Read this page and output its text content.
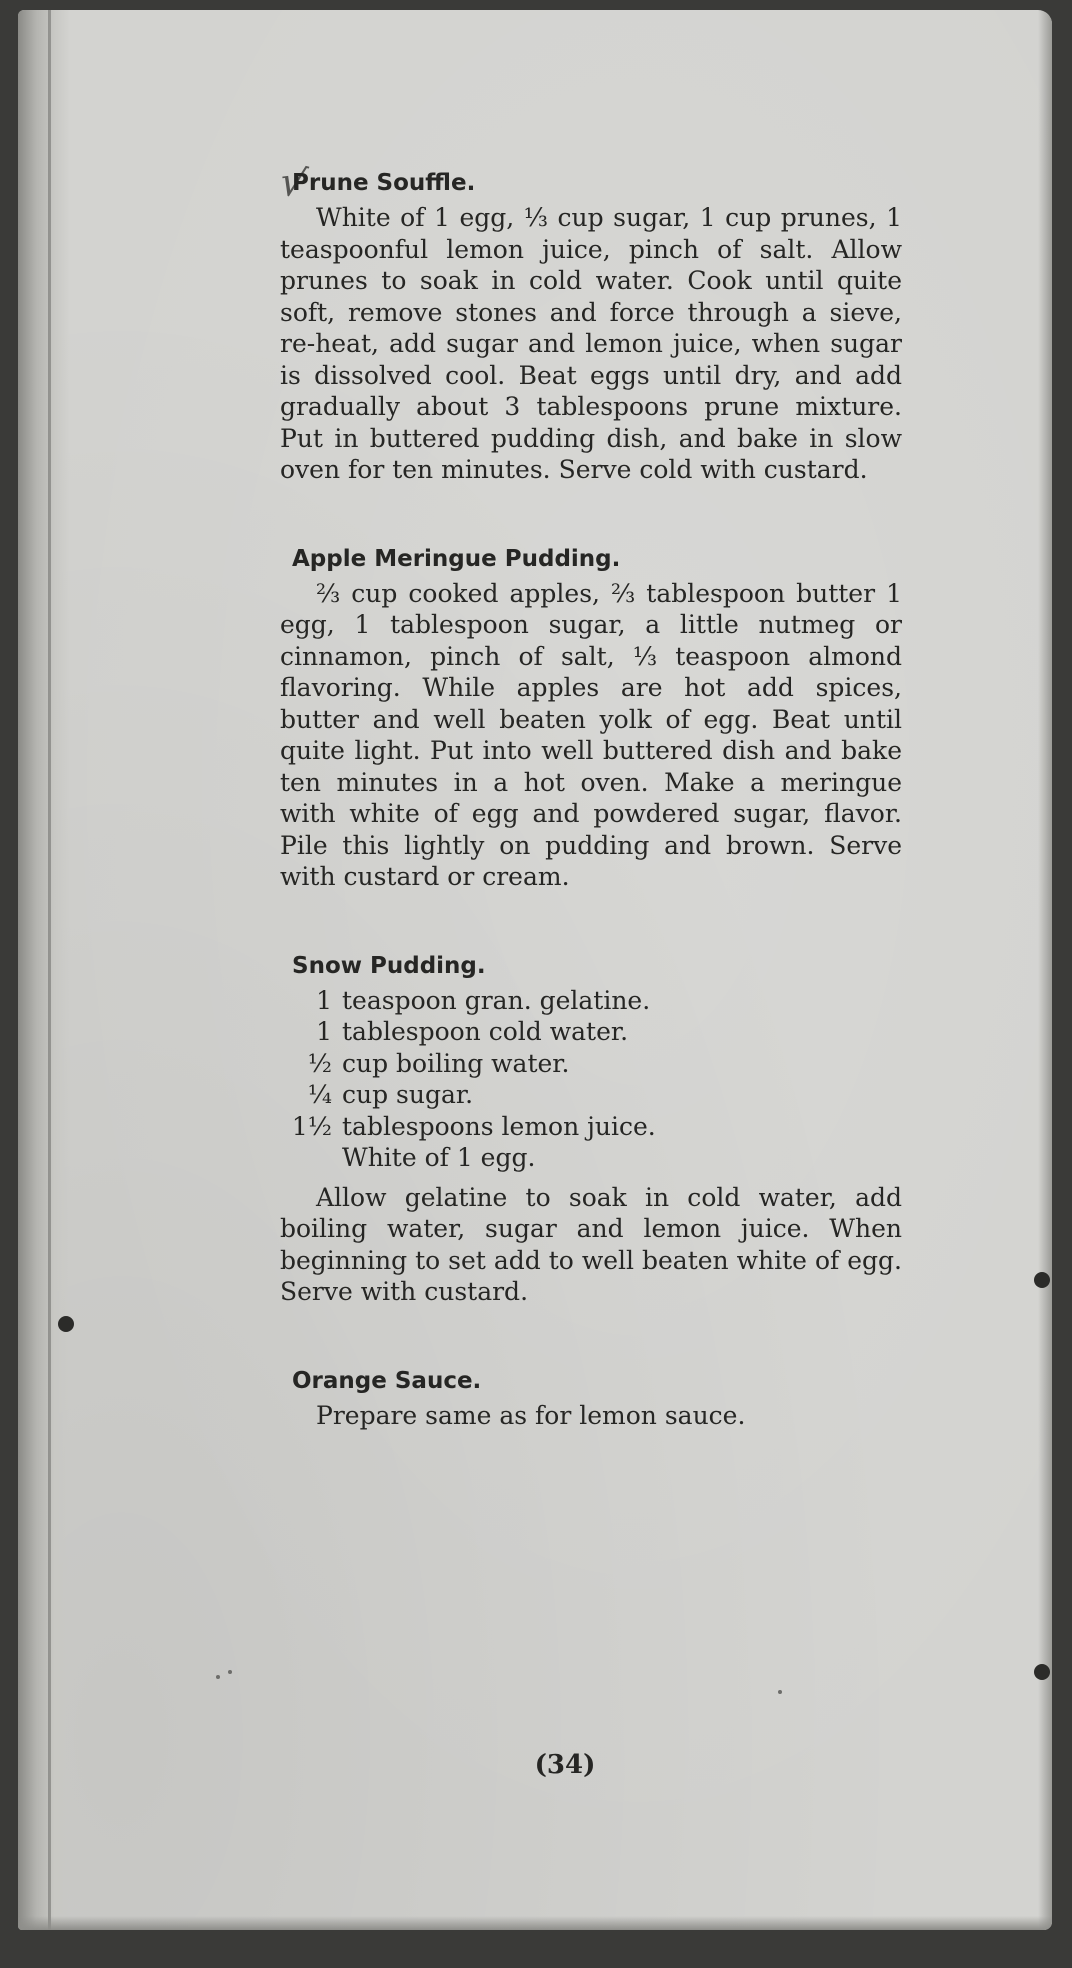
√
Prune Souffle.

White of 1 egg, ⅓ cup sugar, 1 cup prunes, 1 teaspoonful lemon juice, pinch of salt. Allow prunes to soak in cold water. Cook until quite soft, remove stones and force through a sieve, re-heat, add sugar and lemon juice, when sugar is dissolved cool. Beat eggs until dry, and add gradually about 3 tablespoons prune mixture. Put in buttered pudding dish, and bake in slow oven for ten minutes. Serve cold with custard.

Apple Meringue Pudding.

⅔ cup cooked apples, ⅔ tablespoon butter 1 egg, 1 tablespoon sugar, a little nutmeg or cinnamon, pinch of salt, ⅓ teaspoon almond flavoring. While apples are hot add spices, butter and well beaten yolk of egg. Beat until quite light. Put into well buttered dish and bake ten minutes in a hot oven. Make a meringue with white of egg and powdered sugar, flavor. Pile this lightly on pudding and brown. Serve with custard or cream.

Snow Pudding.
1 teaspoon gran. gelatine.
1 tablespoon cold water.
½ cup boiling water.
¼ cup sugar.
1½ tablespoons lemon juice.
White of 1 egg.

Allow gelatine to soak in cold water, add boiling water, sugar and lemon juice. When beginning to set add to well beaten white of egg. Serve with custard.

Orange Sauce.

Prepare same as for lemon sauce.

(34)
